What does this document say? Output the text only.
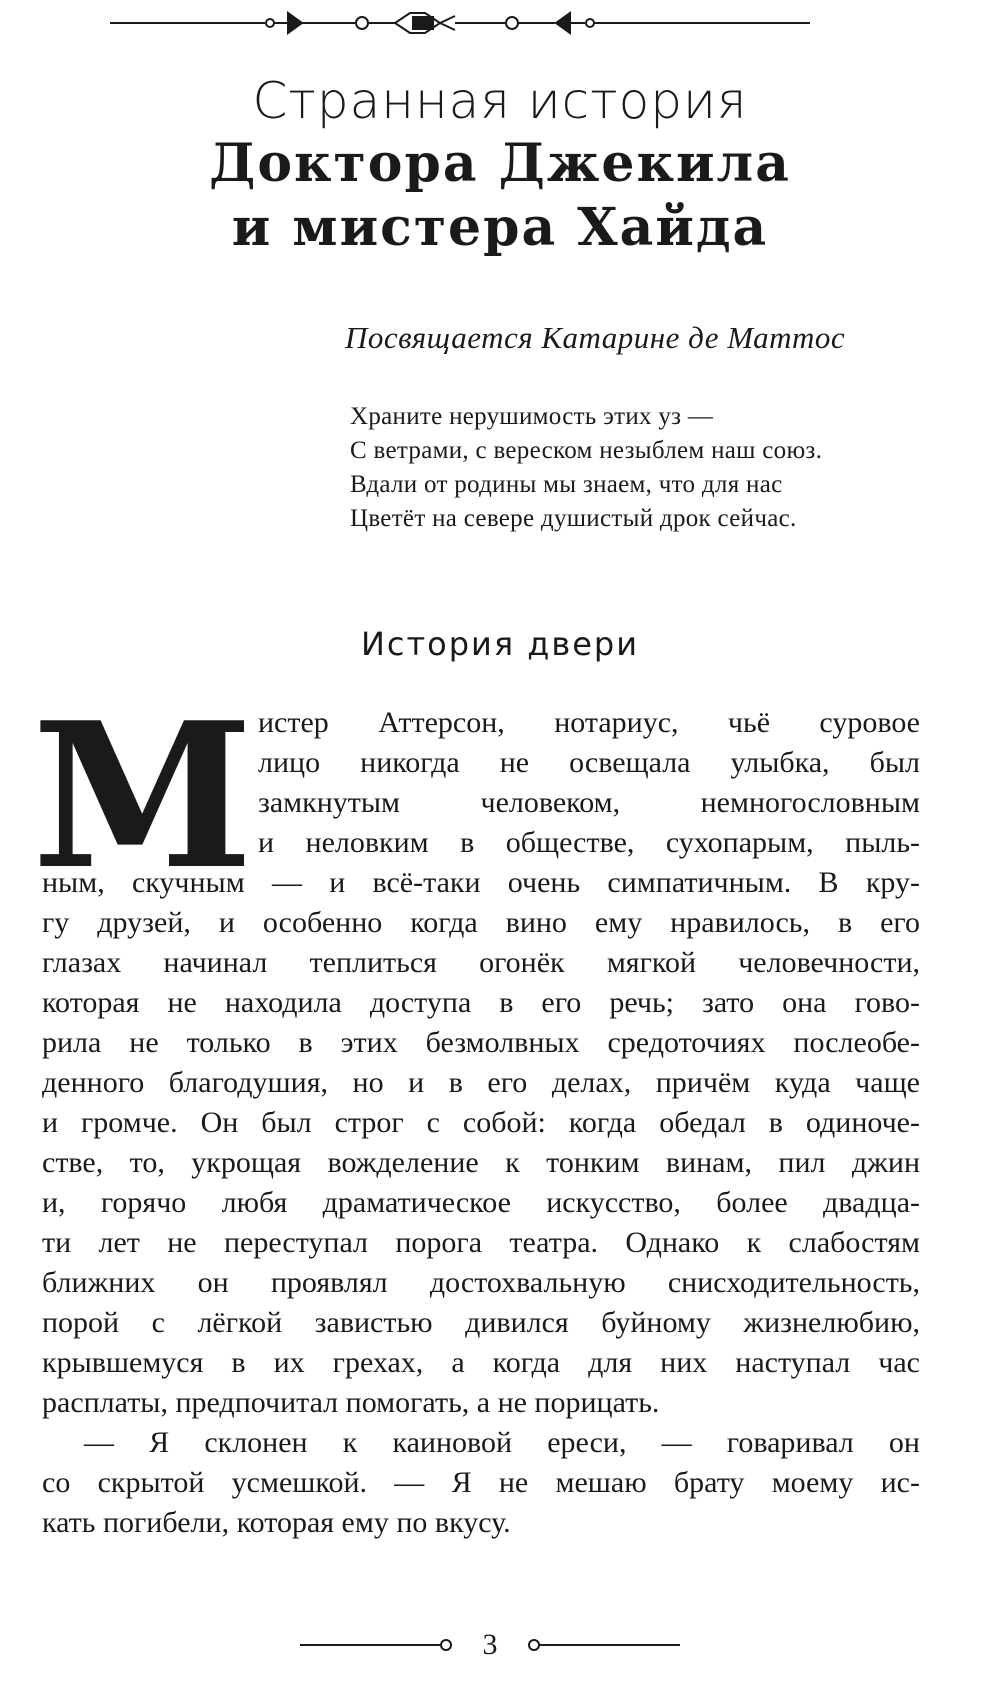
Странная история
Доктора Джекила
и мистера Хайда
Посвящается Катарине де Маттос
Храните нерушимость этих уз —
С ветрами, с вереском незыблем наш союз.
Вдали от родины мы знаем, что для нас
Цветёт на севере душистый дрок сейчас.
История двери
М истер Аттерсон, нотариус, чьё суровое
лицо никогда не освещала улыбка, был
замкнутым человеком, немногословным
и неловким в обществе, сухопарым, пыль-
ным, скучным — и всё-таки очень симпатичным. В кру-
гу друзей, и особенно когда вино ему нравилось, в его
глазах начинал теплиться огонёк мягкой человечности,
которая не находила доступа в его речь; зато она гово-
рила не только в этих безмолвных средоточиях послеобе-
денного благодушия, но и в его делах, причём куда чаще
и громче. Он был строг с собой: когда обедал в одиноче-
стве, то, укрощая вожделение к тонким винам, пил джин
и, горячо любя драматическое искусство, более двадца-
ти лет не переступал порога театра. Однако к слабостям
ближних он проявлял достохвальную снисходительность,
порой с лёгкой завистью дивился буйному жизнелюбию,
крывшемуся в их грехах, а когда для них наступал час
расплаты, предпочитал помогать, а не порицать.
— Я склонен к каиновой ереси, — говаривал он
со скрытой усмешкой. — Я не мешаю брату моему ис-
кать погибели, которая ему по вкусу.
3
